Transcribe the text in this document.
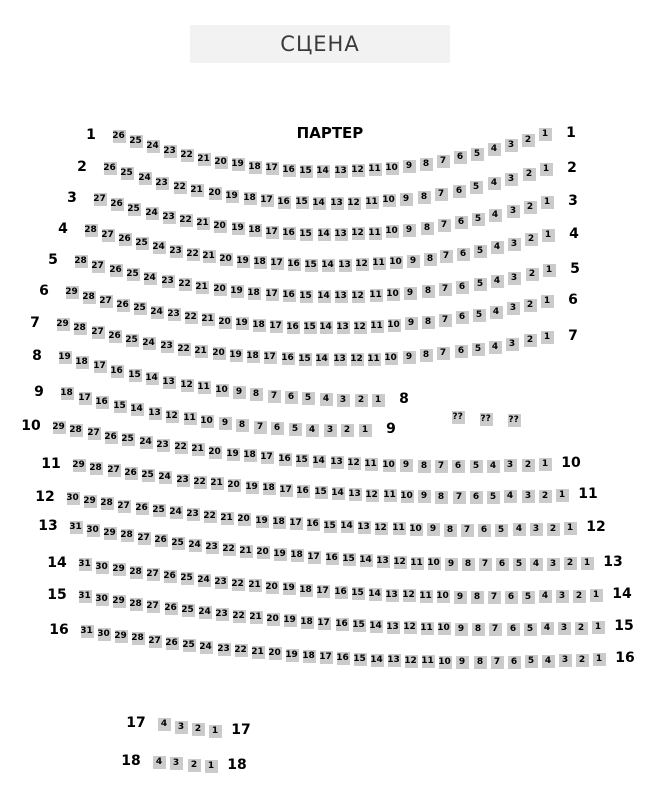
СЦЕНА
ПАРТЕР
1	1
26 25 24 23 22 21 20 19 18 17 16 15 14 13 12 11 10 9 8 7 6 5 4 3 2
1
2	2
26 25 24 23 22 21 20 19 18 17 16 15 14 13 12 11 10 9 8 7 6 5 4 3 2 1
3	3
27 26 25 24 23 22 21 20 19 18 17 16 15 14 13 12 11 10 9 8 7 6 5 4 3 2 1
4	4
28 27 26 25 24 23 22 21 20 19 18 17 16 15 14 13 12 11 10 9 8 7 6 5 4 3 2 1
5
5
28 27 26 25 24 23 22 21 20 19 18 17 16 15 14 13 12 11 10 9 8 7 6 5 4 3 2 1
6
6
29 28 27 26 25 24 23 22 21 20 19 18 17 16 15 14 13 12 11 10 9 8 7 6 5 4 3 2 1
7
7
29 28 27 26 25 24 23 22 21 20 19 18 17 16 15 14 13 12 11 10 9 8 7 6 5 4 3 2 1
8
8
19 18 17 16 15 14 13 12 11 10 9 8 7 6 5 4 3 2 1
9
9
18 17 16 15 14 13 12 11 10 9 8 7 6 5 4 3 2 1
10
10
29 28 27 26 25 24 23 22 21 20 19 18 17 16 15 14 13 12 11 10 9 8 7 6 5 4 3 2 1
11
11
29 28 27 26 25 24 23 22 21 20 19 18 17 16 15 14 13 12 11 10 9 8 7 6 5 4 3 2 1
12
12
30 29 28 27 26 25 24 23 22 21 20 19 18 17 16 15 14 13 12 11 10 9 8 7 6 5 4 3 2 1
13
13
31 30 29 28 27 26 25 24 23 22 21 20 19 18 17 16 15 14 13 12 11 10 9 8 7 6 5 4 3 2 1
14
14
31 30 29 28 27 26 25 24 23 22 21 20 19 18 17 16 15 14 13 12 11 10 9 8 7 6 5 4 3 2 1
15
15
31 30 29 28 27 26 25 24 23 22 21 20 19 18 17 16 15 14 13 12 11 10 9 8 7 6 5 4 3 2 1
16
16
31 30 29 28 27 26 25 24 23 22 21 20 19 18 17 16 15 14 13 12 11 10 9 8 7 6 5 4 3 2 1
17	17
4 3 2 1
18	18
4 3 2 1
?? ?? ??
